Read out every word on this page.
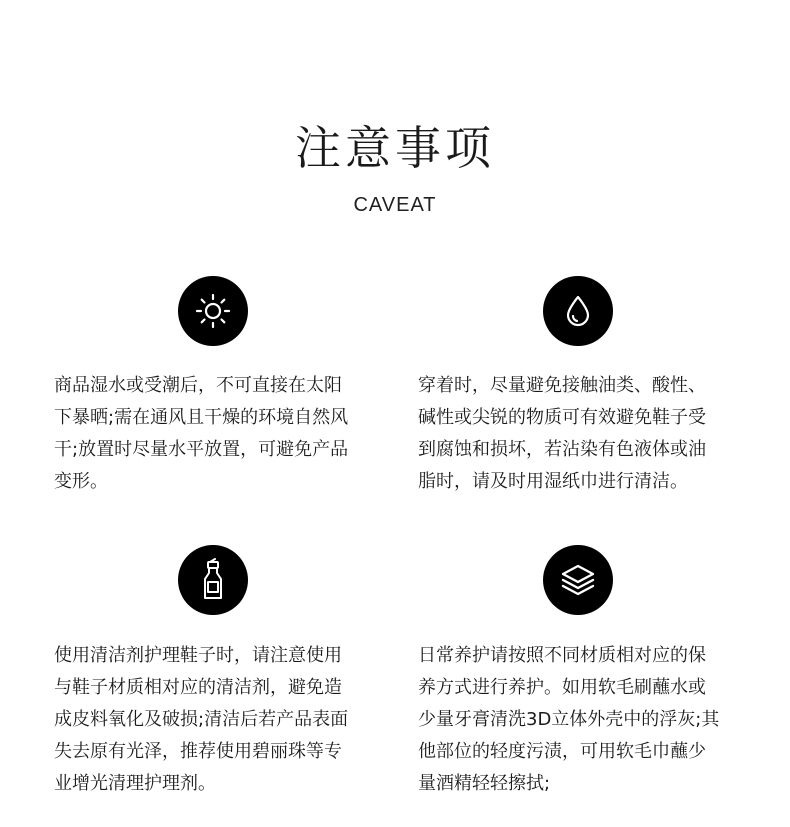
注意事项
CAVEAT
商品湿水或受潮后，不可直接在太阳
下暴晒;需在通风且干燥的环境自然风
干;放置时尽量水平放置，可避免产品
变形。
穿着时，尽量避免接触油类、酸性、
碱性或尖锐的物质可有效避免鞋子受
到腐蚀和损坏，若沾染有色液体或油
脂时，请及时用湿纸巾进行清洁。
使用清洁剂护理鞋子时，请注意使用
与鞋子材质相对应的清洁剂，避免造
成皮料氧化及破损;清洁后若产品表面
失去原有光泽，推荐使用碧丽珠等专
业增光清理护理剂。
日常养护请按照不同材质相对应的保
养方式进行养护。如用软毛刷蘸水或
少量牙膏清洗3D立体外壳中的浮灰;其
他部位的轻度污渍，可用软毛巾蘸少
量酒精轻轻擦拭;
